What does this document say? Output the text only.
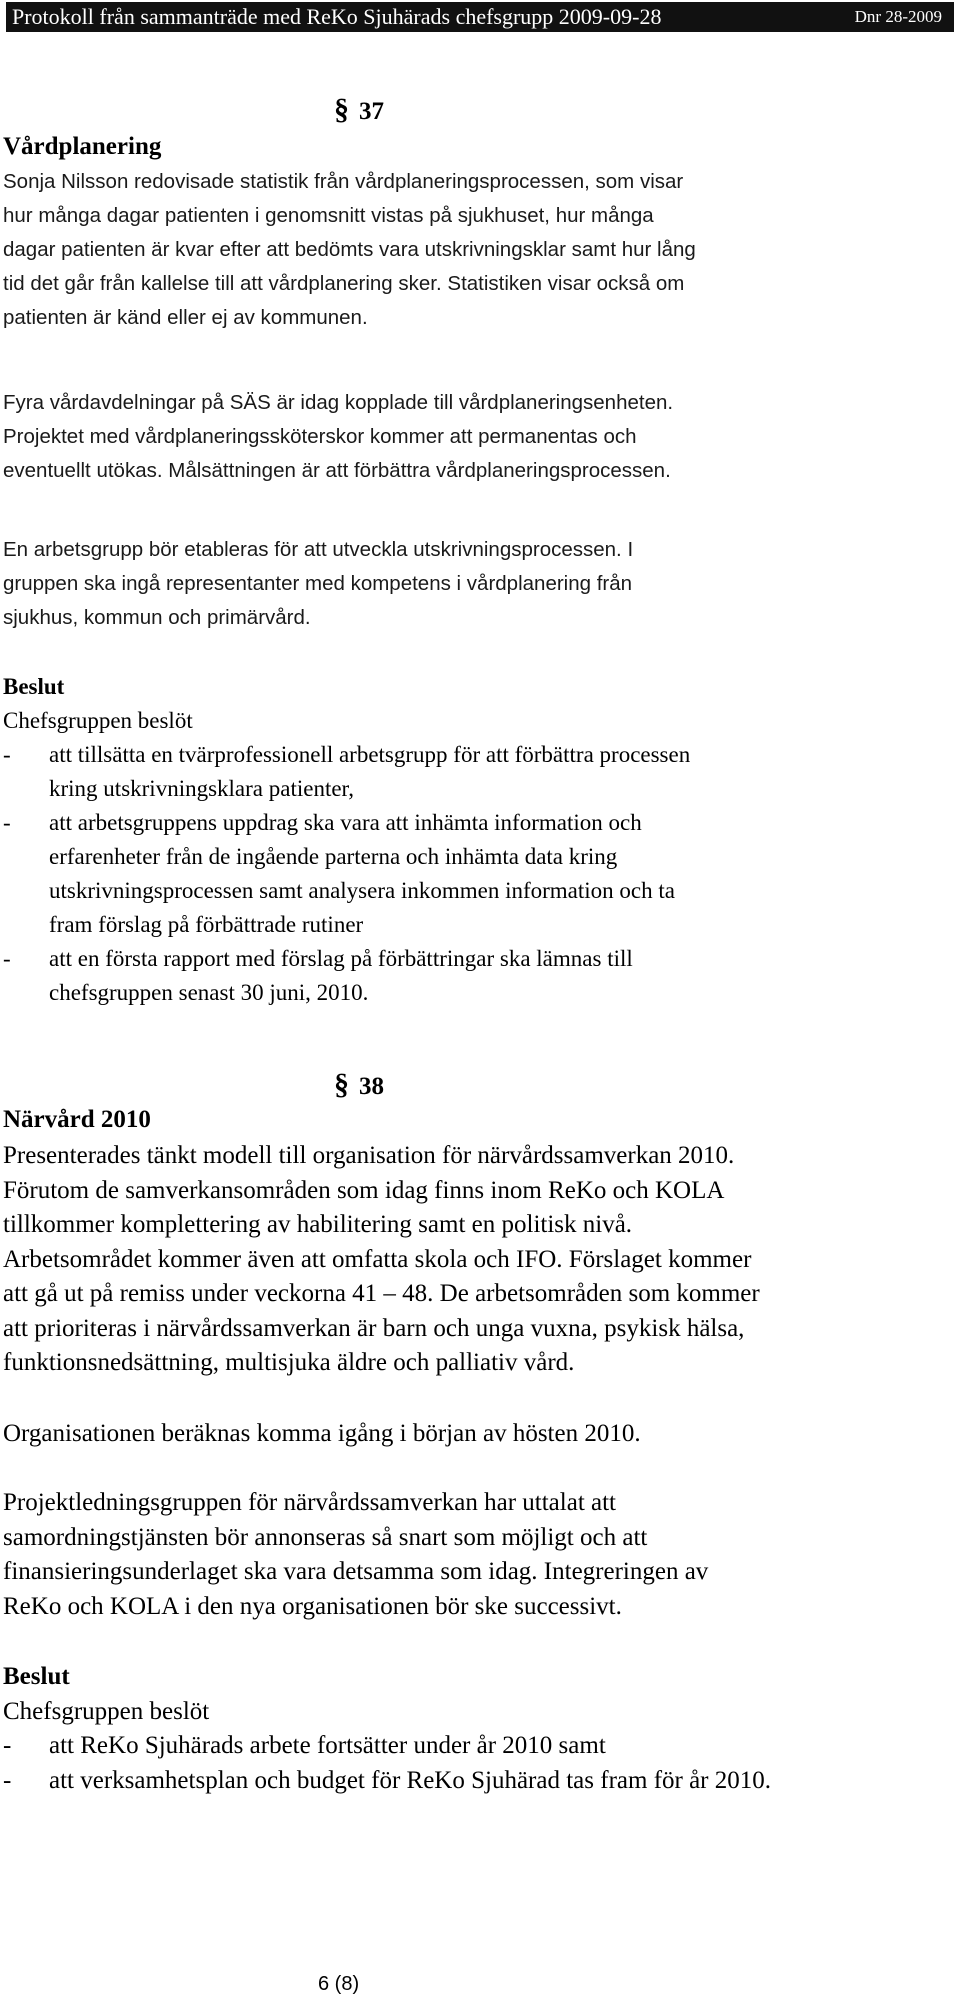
Protokoll från sammanträde med ReKo Sjuhärads chefsgrupp 2009-09-28	Dnr 28-2009
§ 37
Vårdplanering
Sonja Nilsson redovisade statistik från vårdplaneringsprocessen, som visar
hur många dagar patienten i genomsnitt vistas på sjukhuset, hur många
dagar patienten är kvar efter att bedömts vara utskrivningsklar samt hur lång
tid det går från kallelse till att vårdplanering sker. Statistiken visar också om
patienten är känd eller ej av kommunen.
Fyra vårdavdelningar på SÄS är idag kopplade till vårdplaneringsenheten.
Projektet med vårdplaneringssköterskor kommer att permanentas och
eventuellt utökas. Målsättningen är att förbättra vårdplaneringsprocessen.
En arbetsgrupp bör etableras för att utveckla utskrivningsprocessen. I
gruppen ska ingå representanter med kompetens i vårdplanering från
sjukhus, kommun och primärvård.
Beslut
Chefsgruppen beslöt
- att tillsätta en tvärprofessionell arbetsgrupp för att förbättra processen
kring utskrivningsklara patienter,
- att arbetsgruppens uppdrag ska vara att inhämta information och
erfarenheter från de ingående parterna och inhämta data kring
utskrivningsprocessen samt analysera inkommen information och ta
fram förslag på förbättrade rutiner
- att en första rapport med förslag på förbättringar ska lämnas till
chefsgruppen senast 30 juni, 2010.
§ 38
Närvård 2010
Presenterades tänkt modell till organisation för närvårdssamverkan 2010.
Förutom de samverkansområden som idag finns inom ReKo och KOLA
tillkommer komplettering av habilitering samt en politisk nivå.
Arbetsområdet kommer även att omfatta skola och IFO. Förslaget kommer
att gå ut på remiss under veckorna 41 – 48. De arbetsområden som kommer
att prioriteras i närvårdssamverkan är barn och unga vuxna, psykisk hälsa,
funktionsnedsättning, multisjuka äldre och palliativ vård.
Organisationen beräknas komma igång i början av hösten 2010.
Projektledningsgruppen för närvårdssamverkan har uttalat att
samordningstjänsten bör annonseras så snart som möjligt och att
finansieringsunderlaget ska vara detsamma som idag. Integreringen av
ReKo och KOLA i den nya organisationen bör ske successivt.
Beslut
Chefsgruppen beslöt
- att ReKo Sjuhärads arbete fortsätter under år 2010 samt
- att verksamhetsplan och budget för ReKo Sjuhärad tas fram för år 2010.
6 (8)
